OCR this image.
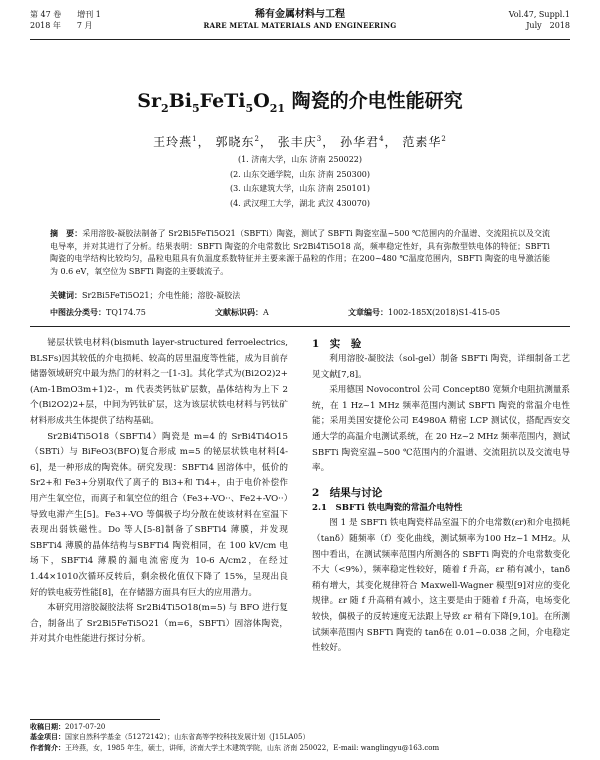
第 47 卷　　增刊 1
2018 年　　7 月
稀有金属材料与工程
RARE METAL MATERIALS AND ENGINEERING
Vol.47, Suppl.1
July　2018
$Sr_2Bi_5FeTi_5O_{21}$ 陶瓷的介电性能研究
王玲燕$^1$， 郭晓东$^2$， 张丰庆$^3$， 孙华君$^4$， 范素华$^2$
(1. 济南大学，山东 济南 250022)
(2. 山东交通学院，山东 济南 250300)
(3. 山东建筑大学，山东 济南 250101)
(4. 武汉理工大学，湖北 武汉 430070)
摘　要：采用溶胶-凝胶法制备了 Sr2Bi5FeTi5O21（SBFTi）陶瓷，测试了 SBFTi 陶瓷室温~500 ℃范围内的介温谱、交流阻抗以及交流电导率，并对其进行了分析。结果表明：SBFTi 陶瓷的介电常数比 Sr2Bi4Ti5O18 高，频率稳定性好，具有弥散型铁电体的特征；SBFTi 陶瓷的电学结构比较均匀，晶粒电阻具有负温度系数特征并主要来源于晶粒的作用；在200~480 ℃温度范围内，SBFTi 陶瓷的电导激活能为 0.6 eV，氧空位为 SBFTi 陶瓷的主要载流子。
关键词：Sr2Bi5FeTi5O21；介电性能；溶胶-凝胶法
中图法分类号：TQ174.75	文献标识码：A	文章编号：1002-185X(2018)S1-415-05

铋层状铁电材料(bismuth layer-structured ferroelectrics, BLSFs)因其较低的介电损耗、较高的居里温度等性能，成为目前存储器领域研究中最为热门的材料之一[1-3]。其化学式为(Bi2O2)2+(Am-1BmO3m+1)2-，m 代表类钙钛矿层数，晶体结构为上下 2 个(Bi2O2)2+层，中间为钙钛矿层，这为该层状铁电材料与钙钛矿材料形成共生体提供了结构基础。

Sr2Bi4Ti5O18（SBFTi4）陶瓷是 m=4 的 SrBi4Ti4O15（SBTi）与 BiFeO3(BFO)复合形成 m=5 的铋层状铁电材料[4-6]，是一种形成的陶瓷体。研究发现：SBFTi4 固溶体中，低价的 Sr2+和 Fe3+分别取代了离子的 Bi3+和 Ti4+，由于电价补偿作用产生氧空位，而离子和氧空位的组合（Fe3+-VO··、Fe2+-VO··）导致电滞产生[5]。Fe3+-VO 等偶极子均分散在使该材料在室温下表现出弱铁磁性。Do 等人[5-8]制备了SBFTi4 薄膜，并发现 SBFTi4 薄膜的晶体结构与SBFTi4 陶瓷相同，在 100 kV/cm 电场下，SBFTi4 薄膜的漏电流密度为 10-6 A/cm2，在经过 1.44×1010次循环反转后，剩余极化值仅下降了 15%，呈现出良好的铁电疲劳性能[8]，在存储器方面具有巨大的应用潜力。

本研究用溶胶凝胶法将 Sr2Bi4Ti5O18(m=5) 与 BFO 进行复合，制备出了 Sr2Bi5FeTi5O21（m=6，SBFTi）固溶体陶瓷，并对其介电性能进行探讨分析。

1　实　验

利用溶胶-凝胶法（sol-gel）制备 SBFTi 陶瓷，详细制备工艺见文献[7,8]。

采用德国 Novocontrol 公司 Concept80 宽频介电阻抗测量系统，在 1 Hz~1 MHz 频率范围内测试 SBFTi 陶瓷的常温介电性能；采用美国安捷伦公司 E4980A 精密 LCP 测试仪，搭配西安交通大学的高温介电测试系统，在 20 Hz~2 MHz 频率范围内，测试 SBFTi 陶瓷室温~500 ℃范围内的介温谱、交流阻抗以及交流电导率。

2　结果与讨论
2.1　SBFTi 铁电陶瓷的常温介电特性

图 1 是 SBFTi 铁电陶瓷样品室温下的介电常数(εr)和介电损耗（tanδ）随频率（f）变化曲线，测试频率为100 Hz~1 MHz。从图中看出，在测试频率范围内所测各的 SBFTi 陶瓷的介电常数变化不大（<9%），频率稳定性较好，随着 f 升高，εr 稍有减小，tanδ 稍有增大，其变化规律符合 Maxwell-Wagner 模型[9]对应的变化规律。εr 随 f 升高稍有减小，这主要是由于随着 f 升高，电场变化较快，偶极子的反转速度无法跟上导致 εr 稍有下降[9,10]。在所测试频率范围内 SBFTi 陶瓷的 tanδ在 0.01~0.038 之间，介电稳定性较好。

收稿日期：2017-07-20
基金项目：国家自然科学基金（51272142）；山东省高等学校科技发展计划（J15LA05）
作者简介：王玲燕，女，1985 年生，硕士，讲师，济南大学土木建筑学院，山东 济南 250022，E-mail: wanglingyu@163.com
